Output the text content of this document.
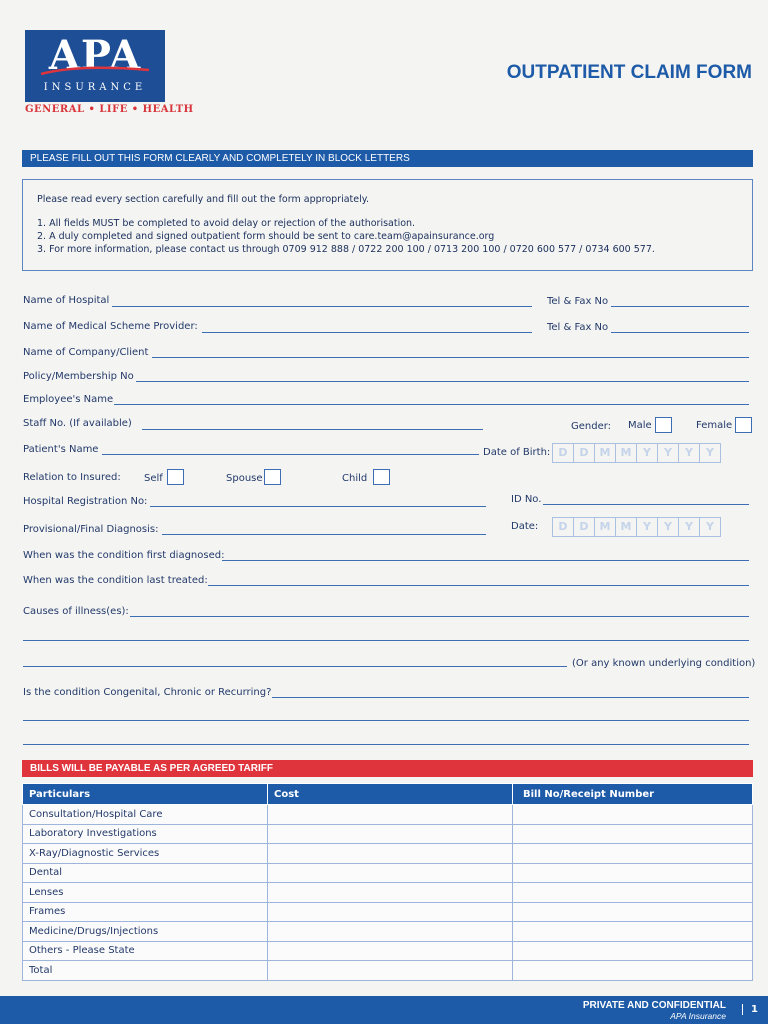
APA
INSURANCE
GENERAL • LIFE • HEALTH
OUTPATIENT CLAIM FORM
PLEASE FILL OUT THIS FORM CLEARLY AND COMPLETELY IN BLOCK LETTERS

Please read every section carefully and fill out the form appropriately.

1. All fields MUST be completed to avoid delay or rejection of the authorisation.

2. A duly completed and signed outpatient form should be sent to care.team@apainsurance.org

3. For more information, please contact us through 0709 912 888 / 0722 200 100 / 0713 200 100 / 0720 600 577 / 0734 600 577.

Name of Hospital	Tel & Fax No
Name of Medical Scheme Provider:	Tel & Fax No
Name of Company/Client
Policy/Membership No
Employee's Name
Staff No. (If available)	Gender: Male	Female
Patient's Name	Date of Birth: D	D M M	Y	Y	Y	Y
Relation to Insured: Self	Spouse	Child
Hospital Registration No:	ID No.
Provisional/Final Diagnosis:	Date:	D	D M M	Y	Y	Y	Y
When was the condition first diagnosed:
When was the condition last treated:
Causes of illness(es):
(Or any known underlying condition)
Is the condition Congenital, Chronic or Recurring?
BILLS WILL BE PAYABLE AS PER AGREED TARIFF
Particulars	Cost	Bill No/Receipt Number
Consultation/Hospital Care		
Laboratory Investigations		
X-Ray/Diagnostic Services		
Dental		
Lenses		
Frames		
Medicine/Drugs/Injections		
Others - Please State		
Total		
PRIVATE AND CONFIDENTIAL
APA Insurance
1
